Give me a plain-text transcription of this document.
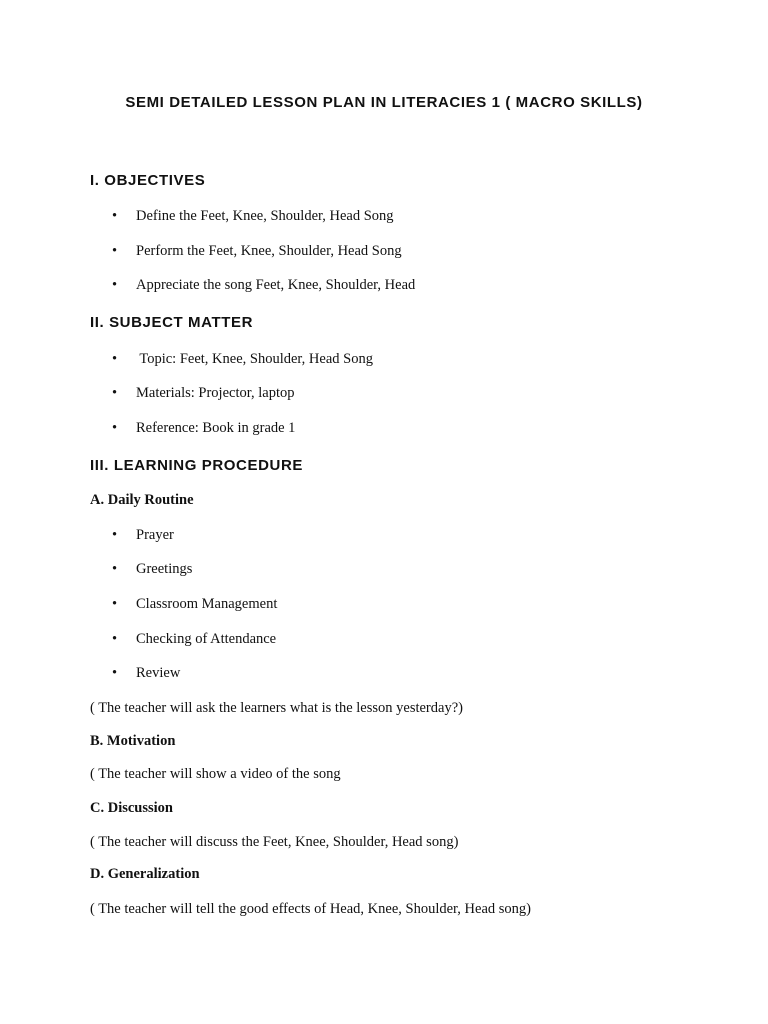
SEMI DETAILED LESSON PLAN IN LITERACIES 1 ( MACRO SKILLS)
I. OBJECTIVES
• Define the Feet, Knee, Shoulder, Head Song
• Perform the Feet, Knee, Shoulder, Head Song
• Appreciate the song Feet, Knee, Shoulder, Head
II. SUBJECT MATTER
• Topic: Feet, Knee, Shoulder, Head Song
• Materials: Projector, laptop
• Reference: Book in grade 1
III. LEARNING PROCEDURE
A. Daily Routine
• Prayer
• Greetings
• Classroom Management
• Checking of Attendance
• Review
( The teacher will ask the learners what is the lesson yesterday?)
B. Motivation
( The teacher will show a video of the song
C. Discussion
( The teacher will discuss the Feet, Knee, Shoulder, Head song)
D. Generalization
( The teacher will tell the good effects of Head, Knee, Shoulder, Head song)
